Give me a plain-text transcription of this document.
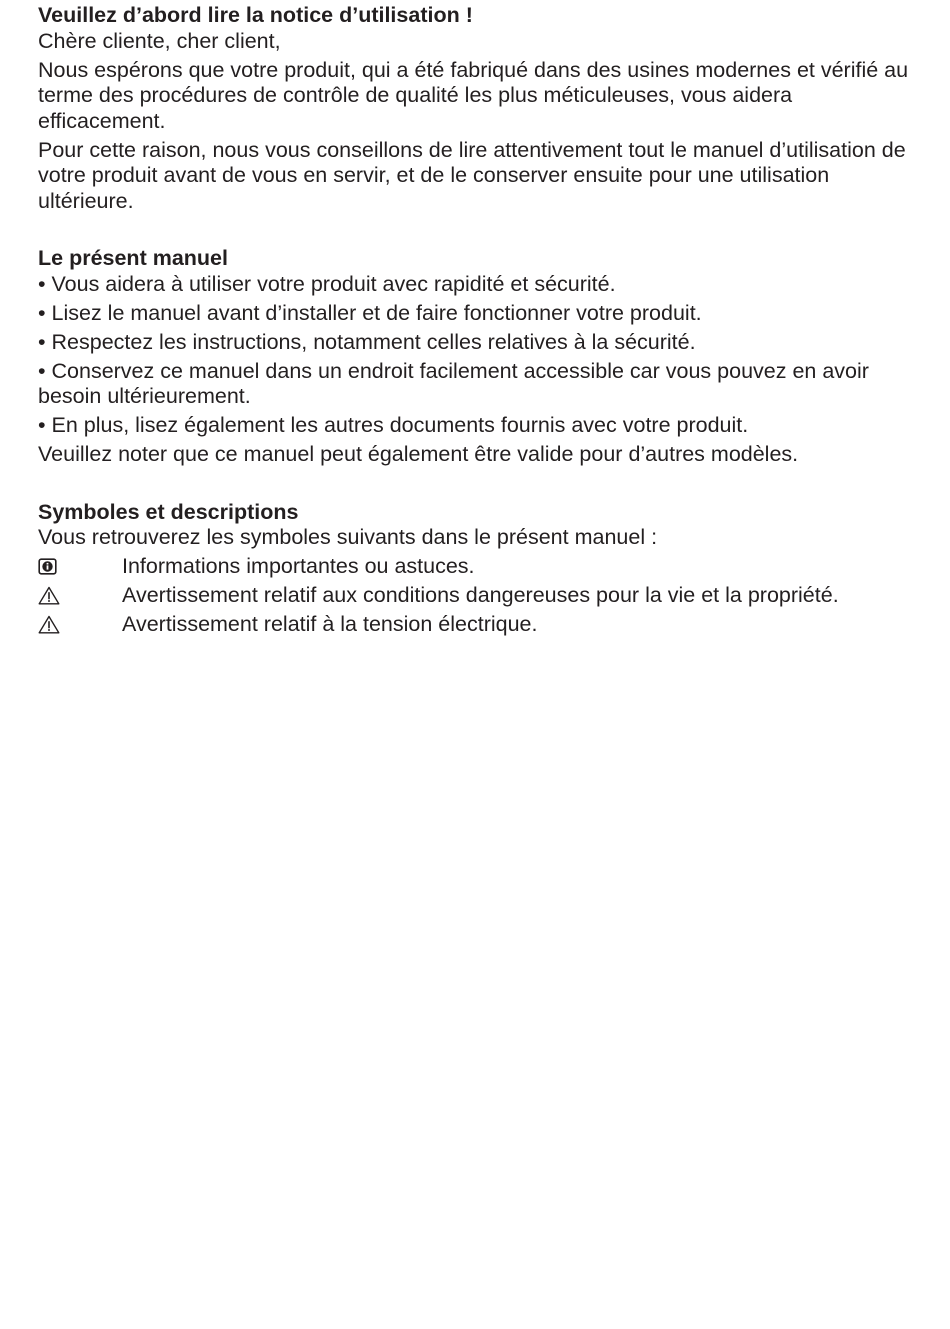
Veuillez d’abord lire la notice d’utilisation !

Chère cliente, cher client,

Nous espérons que votre produit, qui a été fabriqué dans des usines modernes et vérifié au terme des procédures de contrôle de qualité les plus méticuleuses, vous aidera efficacement.

Pour cette raison, nous vous conseillons de lire attentivement tout le manuel d’utilisation de votre produit avant de vous en servir, et de le conserver ensuite pour une utilisation ultérieure.

Le présent manuel

• Vous aidera à utiliser votre produit avec rapidité et sécurité.
• Lisez le manuel avant d’installer et de faire fonctionner votre produit.
• Respectez les instructions, notamment celles relatives à la sécurité.
• Conservez ce manuel dans un endroit facilement accessible car vous pouvez en avoir besoin ultérieurement.
• En plus, lisez également les autres documents fournis avec votre produit.

Veuillez noter que ce manuel peut également être valide pour d’autres modèles.

Symboles et descriptions

Vous retrouverez les symboles suivants dans le présent manuel :

Informations importantes ou astuces.
Avertissement relatif aux conditions dangereuses pour la vie et la propriété.
Avertissement relatif à la tension électrique.
